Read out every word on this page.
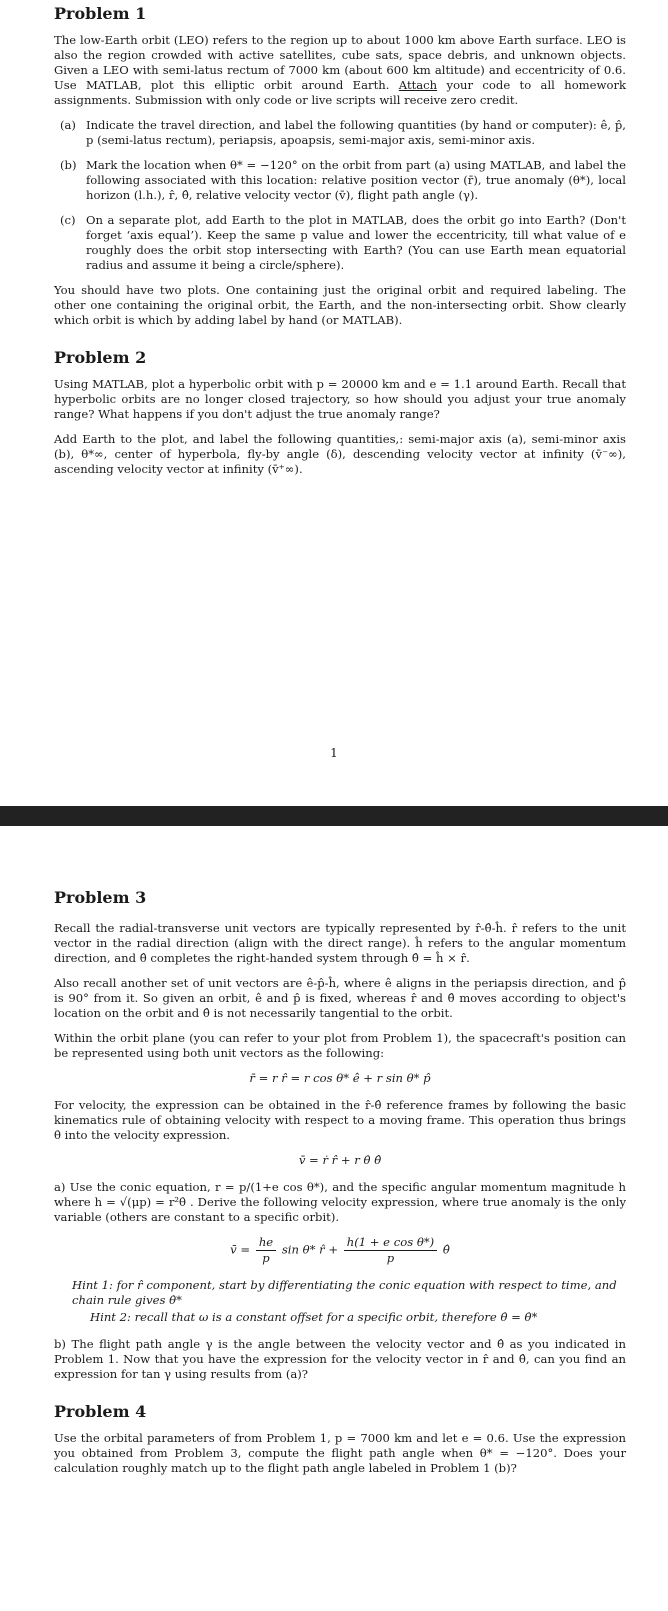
Problem 1

The low-Earth orbit (LEO) refers to the region up to about 1000 km above Earth surface. LEO is also the region crowded with active satellites, cube sats, space debris, and unknown objects. Given a LEO with semi-latus rectum of 7000 km (about 600 km altitude) and eccentricity of 0.6. Use MATLAB, plot this elliptic orbit around Earth. Attach your code to all homework assignments. Submission with only code or live scripts will receive zero credit.

(a) Indicate the travel direction, and label the following quantities (by hand or computer): ê, p̂, p (semi-latus rectum), periapsis, apoapsis, semi-major axis, semi-minor axis.
(b) Mark the location when θ* = −120° on the orbit from part (a) using MATLAB, and label the following associated with this location: relative position vector (r̄), true anomaly (θ*), local horizon (l.h.), r̂, θ̂, relative velocity vector (v̄), flight path angle (γ).
(c) On a separate plot, add Earth to the plot in MATLAB, does the orbit go into Earth? (Don't forget ‘axis equal’). Keep the same p value and lower the eccentricity, till what value of e roughly does the orbit stop intersecting with Earth? (You can use Earth mean equatorial radius and assume it being a circle/sphere).

You should have two plots. One containing just the original orbit and required labeling. The other one containing the original orbit, the Earth, and the non-intersecting orbit. Show clearly which orbit is which by adding label by hand (or MATLAB).

Problem 2

Using MATLAB, plot a hyperbolic orbit with p = 20000 km and e = 1.1 around Earth. Recall that hyperbolic orbits are no longer closed trajectory, so how should you adjust your true anomaly range? What happens if you don't adjust the true anomaly range?

Add Earth to the plot, and label the following quantities,: semi-major axis (a), semi-minor axis (b), θ*∞, center of hyperbola, fly-by angle (δ), descending velocity vector at infinity (v̄⁻∞), ascending velocity vector at infinity (v̄⁺∞).

1
Problem 3

Recall the radial-transverse unit vectors are typically represented by r̂-θ̂-ĥ. r̂ refers to the unit vector in the radial direction (align with the direct range). ĥ refers to the angular momentum direction, and θ̂ completes the right-handed system through θ̂ = ĥ × r̂.

Also recall another set of unit vectors are ê-p̂-ĥ, where ê aligns in the periapsis direction, and p̂ is 90° from it. So given an orbit, ê and p̂ is fixed, whereas r̂ and θ̂ moves according to object's location on the orbit and θ̂ is not necessarily tangential to the orbit.

Within the orbit plane (you can refer to your plot from Problem 1), the spacecraft's position can be represented using both unit vectors as the following:

r̄ = r r̂ = r cos θ* ê + r sin θ* p̂

For velocity, the expression can be obtained in the r̂-θ̂ reference frames by following the basic kinematics rule of obtaining velocity with respect to a moving frame. This operation thus brings θ̇ into the velocity expression.

v̄ = ṙ r̂ + r θ̇ θ̂

a) Use the conic equation, r = p/(1+e cos θ*), and the specific angular momentum magnitude h where h = √(μp) = r²θ̇ . Derive the following velocity expression, where true anomaly is the only variable (others are constant to a specific orbit).

v̄ = $\frac{he}{p}$ sin θ* r̂ + $\frac{\text{h(1 + e cos θ*)}}{p}$ θ̂
Hint 1: for r̂ component, start by differentiating the conic equation with respect to time, and chain rule gives θ̇*
Hint 2: recall that ω is a constant offset for a specific orbit, therefore θ̇ = θ̇*

b) The flight path angle γ is the angle between the velocity vector and θ̂ as you indicated in Problem 1. Now that you have the expression for the velocity vector in r̂ and θ̂, can you find an expression for tan γ using results from (a)?

Problem 4

Use the orbital parameters of from Problem 1, p = 7000 km and let e = 0.6. Use the expression you obtained from Problem 3, compute the flight path angle when θ* = −120°. Does your calculation roughly match up to the flight path angle labeled in Problem 1 (b)?
